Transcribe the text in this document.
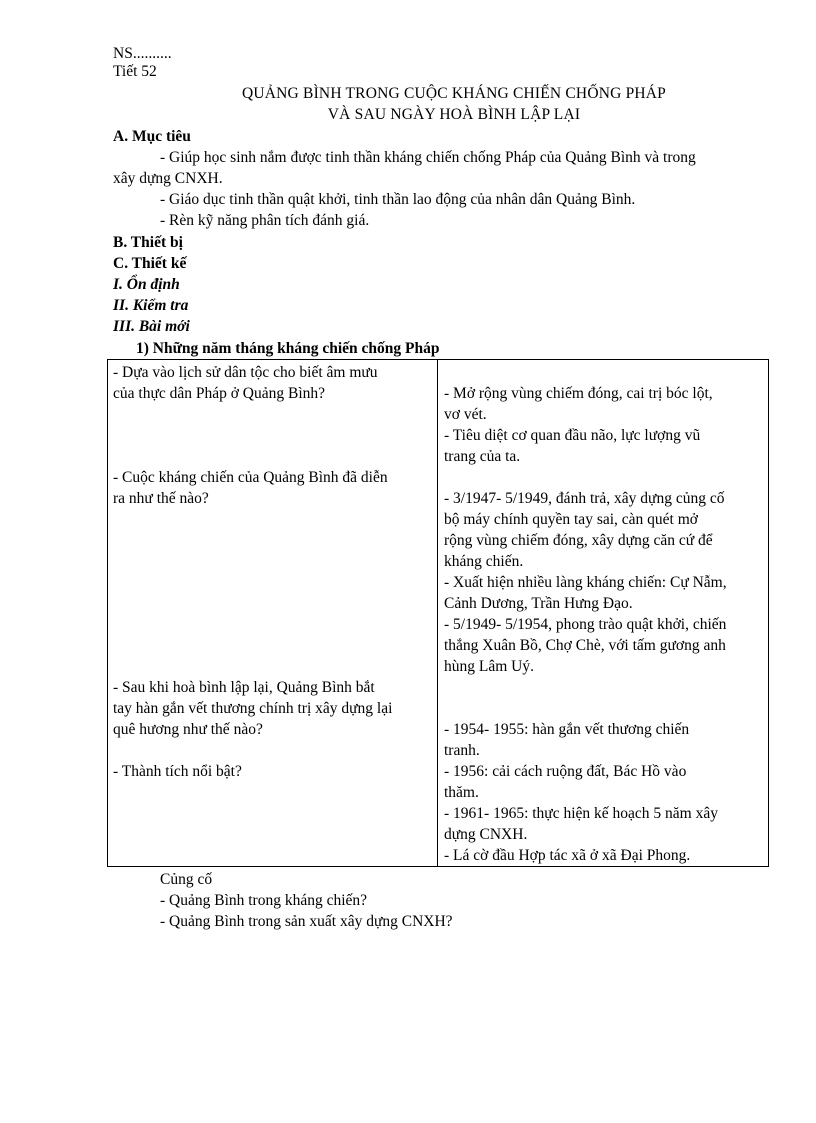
NS..........
Tiết 52
QUẢNG BÌNH TRONG CUỘC KHÁNG CHIẾN CHỐNG PHÁP
VÀ SAU NGÀY HOÀ BÌNH LẬP LẠI
A. Mục tiêu
- Giúp học sinh nắm được tinh thần kháng chiến chống Pháp của Quảng Bình và trong
xây dựng CNXH.
- Giáo dục tinh thần quật khởi, tinh thần lao động của nhân dân Quảng Bình.
- Rèn kỹ năng phân tích đánh giá.
B. Thiết bị
C. Thiết kế
I. Ổn định
II. Kiểm tra
III. Bài mới
1) Những năm tháng kháng chiến chống Pháp
- Dựa vào lịch sử dân tộc cho biết âm mưu
của thực dân Pháp ở Quảng Bình?
- Cuộc kháng chiến của Quảng Bình đã diễn
ra như thế nào?
- Sau khi hoà bình lập lại, Quảng Bình bắt
tay hàn gắn vết thương chính trị xây dựng lại
quê hương như thế nào?
- Thành tích nổi bật?

- Mở rộng vùng chiếm đóng, cai trị bóc lột,
vơ vét.
- Tiêu diệt cơ quan đầu não, lực lượng vũ
trang của ta.
- 3/1947- 5/1949, đánh trả, xây dựng củng cố
bộ máy chính quyền tay sai, càn quét mở
rộng vùng chiếm đóng, xây dựng căn cứ để
kháng chiến.
- Xuất hiện nhiều làng kháng chiến: Cự Nẫm,
Cảnh Dương, Trần Hưng Đạo.
- 5/1949- 5/1954, phong trào quật khởi, chiến
thắng Xuân Bồ, Chợ Chè, với tấm gương anh
hùng Lâm Uý.
- 1954- 1955: hàn gắn vết thương chiến
tranh.
- 1956: cải cách ruộng đất, Bác Hồ vào
thăm.
- 1961- 1965: thực hiện kế hoạch 5 năm xây
dựng CNXH.
- Lá cờ đầu Hợp tác xã ở xã Đại Phong.
Củng cố
- Quảng Bình trong kháng chiến?
- Quảng Bình trong sản xuất xây dựng CNXH?
